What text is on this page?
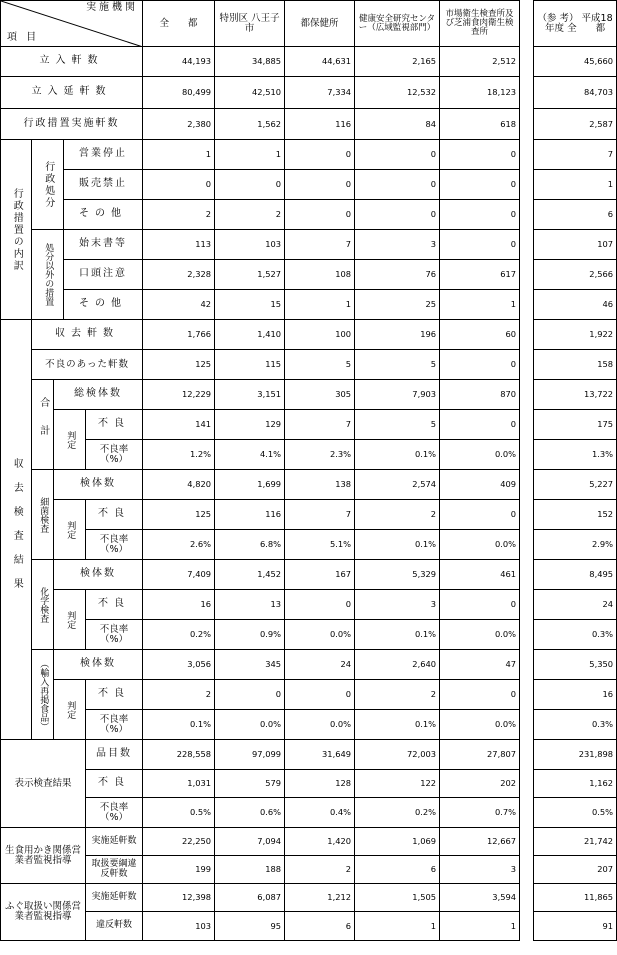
実施機関
項 目					全　　都	特別区 八王子市	都保健所	健康安全研究センター（広域監視部門）	市場衛生検査所及び芝浦食肉衛生検査所		（参 考） 平成18年度 全　　都
立入軒数					44,193	34,885	44,631	2,165	2,512		45,660
立入延軒数					80,499	42,510	7,334	12,532	18,123		84,703
行政措置実施軒数					2,380	1,562	116	84	618		2,587
行政措置の内訳	行政処分		営業停止		1	1	0	0	0		7
			販売禁止		0	0	0	0	0		1
			その他		2	2	0	0	0		6
	処分以外の措置		始末書等		113	103	7	3	0		107
			口頭注意		2,328	1,527	108	76	617		2,566
			その他		42	15	1	25	1		46
収去検査結果	収去軒数				1,766	1,410	100	196	60		1,922
	不良のあった軒数				125	115	5	5	0		158
	合計	総検体数			12,229	3,151	305	7,903	870		13,722
		判定		不良	141	129	7	5	0		175
				不良率（%）	1.2%	4.1%	2.3%	0.1%	0.0%		1.3%
	細菌検査	検体数			4,820	1,699	138	2,574	409		5,227
		判定		不良	125	116	7	2	0		152
				不良率（%）	2.6%	6.8%	5.1%	0.1%	0.0%		2.9%
	化学検査	検体数			7,409	1,452	167	5,329	461		8,495
		判定		不良	16	13	0	3	0		24
				不良率（%）	0.2%	0.9%	0.0%	0.1%	0.0%		0.3%
	（輸入再掲食品）	検体数			3,056	345	24	2,640	47		5,350
		判定		不良	2	0	0	2	0		16
				不良率（%）	0.1%	0.0%	0.0%	0.1%	0.0%		0.3%
表示検査結果				品目数	228,558	97,099	31,649	72,003	27,807		231,898
				不良	1,031	579	128	122	202		1,162
				不良率（%）	0.5%	0.6%	0.4%	0.2%	0.7%		0.5%
生食用かき関係営業者監視指導				実施延軒数	22,250	7,094	1,420	1,069	12,667		21,742
				取扱要綱違反軒数	199	188	2	6	3		207
ふぐ取扱い関係営業者監視指導				実施延軒数	12,398	6,087	1,212	1,505	3,594		11,865
				違反軒数	103	95	6	1	1		91
